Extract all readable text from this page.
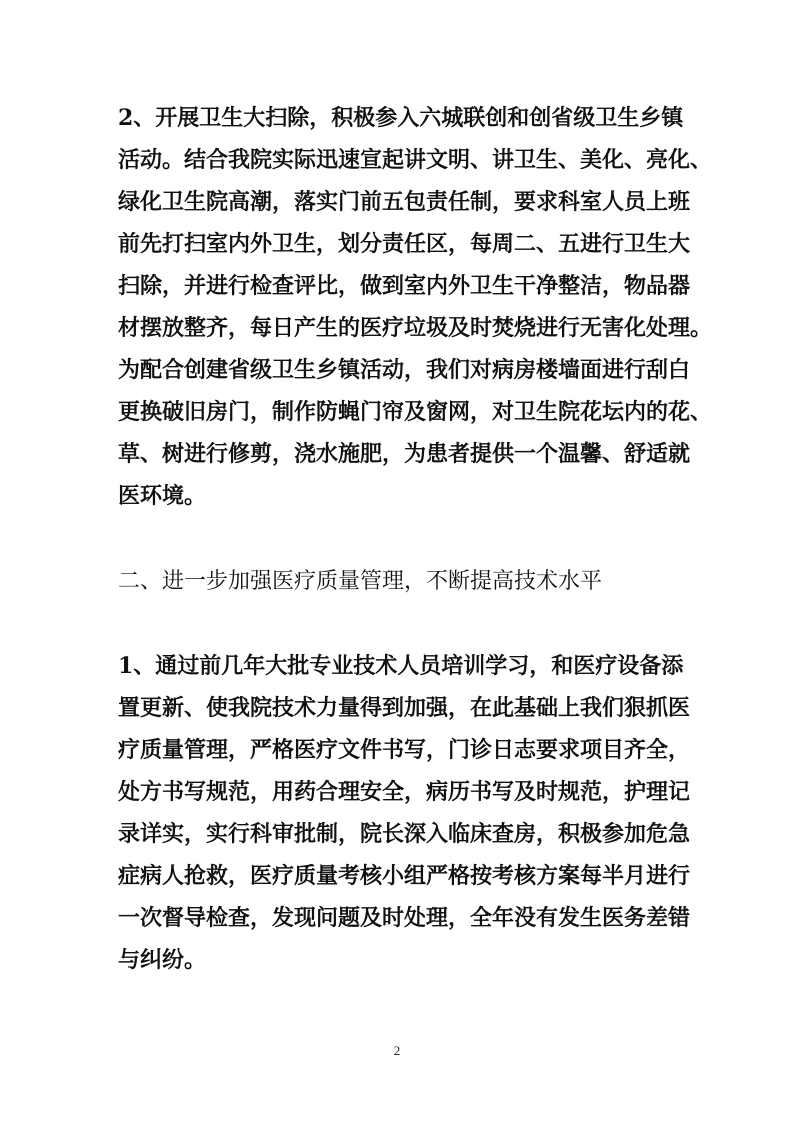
2、开展卫生大扫除，积极参入六城联创和创省级卫生乡镇
活动。结合我院实际迅速宣起讲文明、讲卫生、美化、亮化、
绿化卫生院高潮，落实门前五包责任制，要求科室人员上班
前先打扫室内外卫生，划分责任区，每周二、五进行卫生大
扫除，并进行检查评比，做到室内外卫生干净整洁，物品器
材摆放整齐，每日产生的医疗垃圾及时焚烧进行无害化处理。
为配合创建省级卫生乡镇活动，我们对病房楼墙面进行刮白
更换破旧房门，制作防蝇门帘及窗网，对卫生院花坛内的花、
草、树进行修剪，浇水施肥，为患者提供一个温馨、舒适就
医环境。
二、进一步加强医疗质量管理，不断提高技术水平
1、通过前几年大批专业技术人员培训学习，和医疗设备添
置更新、使我院技术力量得到加强，在此基础上我们狠抓医
疗质量管理，严格医疗文件书写，门诊日志要求项目齐全，
处方书写规范，用药合理安全，病历书写及时规范，护理记
录详实，实行科审批制，院长深入临床查房，积极参加危急
症病人抢救，医疗质量考核小组严格按考核方案每半月进行
一次督导检查，发现问题及时处理，全年没有发生医务差错
与纠纷。
2
